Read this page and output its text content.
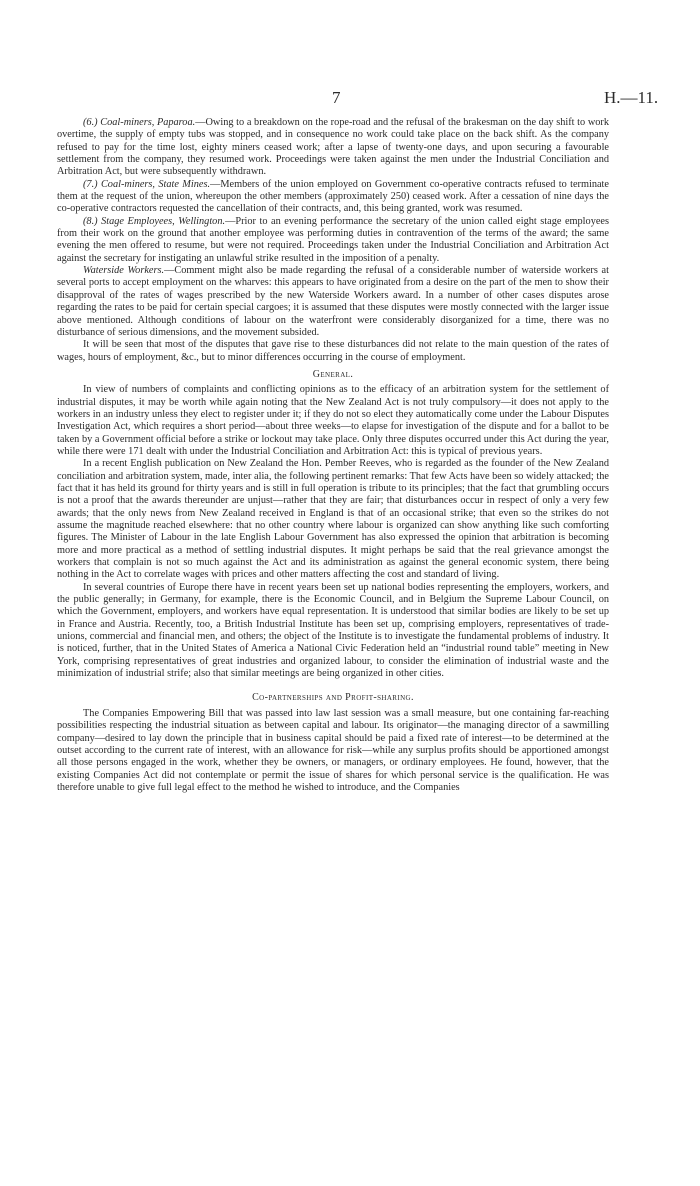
7	H.—11.

(6.) Coal-miners, Paparoa.—Owing to a breakdown on the rope-road and the refusal of the brakesman on the day shift to work overtime, the supply of empty tubs was stopped, and in consequence no work could take place on the back shift. As the company refused to pay for the time lost, eighty miners ceased work; after a lapse of twenty-one days, and upon securing a favourable settlement from the company, they resumed work. Proceedings were taken against the men under the Industrial Conciliation and Arbitration Act, but were subsequently withdrawn.

(7.) Coal-miners, State Mines.—Members of the union employed on Government co-operative contracts refused to terminate them at the request of the union, whereupon the other members (approximately 250) ceased work. After a cessation of nine days the co-operative contractors requested the cancellation of their contracts, and, this being granted, work was resumed.

(8.) Stage Employees, Wellington.—Prior to an evening performance the secretary of the union called eight stage employees from their work on the ground that another employee was performing duties in contravention of the terms of the award; the same evening the men offered to resume, but were not required. Proceedings taken under the Industrial Conciliation and Arbitration Act against the secretary for instigating an unlawful strike resulted in the imposition of a penalty.

Waterside Workers.—Comment might also be made regarding the refusal of a considerable number of waterside workers at several ports to accept employment on the wharves: this appears to have originated from a desire on the part of the men to show their disapproval of the rates of wages prescribed by the new Waterside Workers award. In a number of other cases disputes arose regarding the rates to be paid for certain special cargoes; it is assumed that these disputes were mostly connected with the larger issue above mentioned. Although conditions of labour on the waterfront were considerably disorganized for a time, there was no disturbance of serious dimensions, and the movement subsided.

It will be seen that most of the disputes that gave rise to these disturbances did not relate to the main question of the rates of wages, hours of employment, &c., but to minor differences occurring in the course of employment.

General.

In view of numbers of complaints and conflicting opinions as to the efficacy of an arbitration system for the settlement of industrial disputes, it may be worth while again noting that the New Zealand Act is not truly compulsory—it does not apply to the workers in an industry unless they elect to register under it; if they do not so elect they automatically come under the Labour Disputes Investigation Act, which requires a short period—about three weeks—to elapse for investigation of the dispute and for a ballot to be taken by a Government official before a strike or lockout may take place. Only three disputes occurred under this Act during the year, while there were 171 dealt with under the Industrial Conciliation and Arbitration Act: this is typical of previous years.

In a recent English publication on New Zealand the Hon. Pember Reeves, who is regarded as the founder of the New Zealand conciliation and arbitration system, made, inter alia, the following pertinent remarks: That few Acts have been so widely attacked; the fact that it has held its ground for thirty years and is still in full operation is tribute to its principles; that the fact that grumbling occurs is not a proof that the awards thereunder are unjust—rather that they are fair; that disturbances occur in respect of only a very few awards; that the only news from New Zealand received in England is that of an occasional strike; that even so the strikes do not assume the magnitude reached elsewhere: that no other country where labour is organized can show anything like such comforting figures. The Minister of Labour in the late English Labour Government has also expressed the opinion that arbitration is becoming more and more practical as a method of settling industrial disputes. It might perhaps be said that the real grievance amongst the workers that complain is not so much against the Act and its administration as against the general economic system, there being nothing in the Act to correlate wages with prices and other matters affecting the cost and standard of living.

In several countries of Europe there have in recent years been set up national bodies representing the employers, workers, and the public generally; in Germany, for example, there is the Economic Council, and in Belgium the Supreme Labour Council, on which the Government, employers, and workers have equal representation. It is understood that similar bodies are likely to be set up in France and Austria. Recently, too, a British Industrial Institute has been set up, comprising employers, representatives of trade-unions, commercial and financial men, and others; the object of the Institute is to investigate the fundamental problems of industry. It is noticed, further, that in the United States of America a National Civic Federation held an “industrial round table” meeting in New York, comprising representatives of great industries and organized labour, to consider the elimination of industrial waste and the minimization of industrial strife; also that similar meetings are being organized in other cities.

Co-partnerships and Profit-sharing.

The Companies Empowering Bill that was passed into law last session was a small measure, but one containing far-reaching possibilities respecting the industrial situation as between capital and labour. Its originator—the managing director of a sawmilling company—desired to lay down the principle that in business capital should be paid a fixed rate of interest—to be determined at the outset according to the current rate of interest, with an allowance for risk—while any surplus profits should be apportioned amongst all those persons engaged in the work, whether they be owners, or managers, or ordinary employees. He found, however, that the existing Companies Act did not contemplate or permit the issue of shares for which personal service is the qualification. He was therefore unable to give full legal effect to the method he wished to introduce, and the Companies
